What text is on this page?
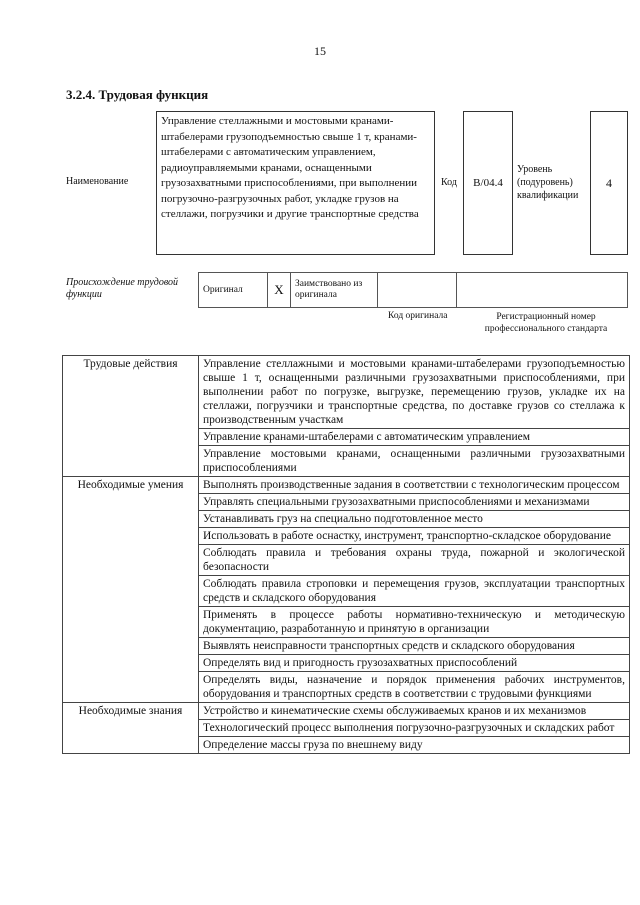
15
3.2.4. Трудовая функция
Наименование
Управление стеллажными и мостовыми кранами-штабелерами грузоподъемностью свыше 1 т, кранами-штабелерами с автоматическим управлением, радиоуправляемыми кранами, оснащенными грузозахватными приспособлениями, при выполнении погрузочно-разгрузочных работ, укладке грузов на стеллажи, погрузчики и другие транспортные средства
Код	B/04.4
Уровень (подуровень) квалификации
4
Происхождение трудовой функции	Оригинал	X	Заимствовано из оригинала		
Код оригинала	Регистрационный номер профессионального стандарта
Трудовые действия	Управление стеллажными и мостовыми кранами-штабелерами грузоподъемностью свыше 1 т, оснащенными различными грузозахватными приспособлениями, при выполнении работ по погрузке, выгрузке, перемещению грузов, укладке их на стеллажи, погрузчики и транспортные средства, по доставке грузов со стеллажа к производственным участкам
	Управление кранами-штабелерами с автоматическим управлением
	Управление мостовыми кранами, оснащенными различными грузозахватными приспособлениями
Необходимые умения	Выполнять производственные задания в соответствии с технологическим процессом
	Управлять специальными грузозахватными приспособлениями и механизмами
	Устанавливать груз на специально подготовленное место
	Использовать в работе оснастку, инструмент, транспортно-складское оборудование
	Соблюдать правила и требования охраны труда, пожарной и экологической безопасности
	Соблюдать правила строповки и перемещения грузов, эксплуатации транспортных средств и складского оборудования
	Применять в процессе работы нормативно-техническую и методическую документацию, разработанную и принятую в организации
	Выявлять неисправности транспортных средств и складского оборудования
	Определять вид и пригодность грузозахватных приспособлений
	Определять виды, назначение и порядок применения рабочих инструментов, оборудования и транспортных средств в соответствии с трудовыми функциями
Необходимые знания	Устройство и кинематические схемы обслуживаемых кранов и их механизмов
	Технологический процесс выполнения погрузочно-разгрузочных и складских работ
	Определение массы груза по внешнему виду
